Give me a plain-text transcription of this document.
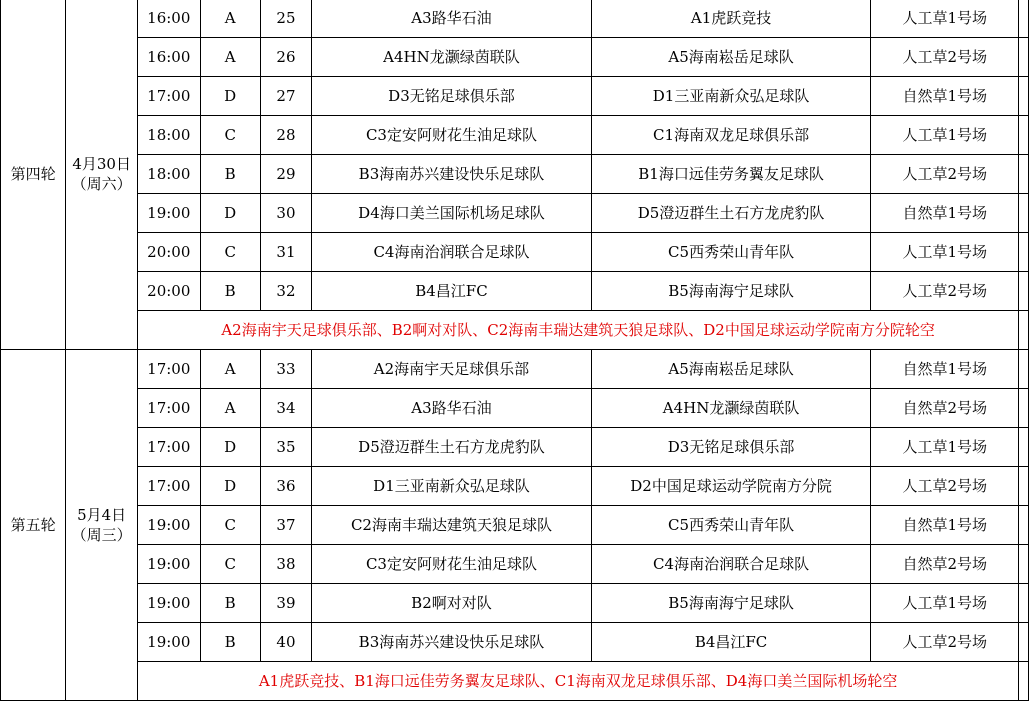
第四轮	4月30日
（周六）	16:00	A	25	A3路华石油	A1虎跃竞技	人工草1号场	
		16:00	A	26	A4HN龙灏绿茵联队	A5海南崧岳足球队	人工草2号场	
		17:00	D	27	D3无铭足球俱乐部	D1三亚南新众弘足球队	自然草1号场	
		18:00	C	28	C3定安阿财花生油足球队	C1海南双龙足球俱乐部	人工草1号场	
		18:00	B	29	B3海南苏兴建设快乐足球队	B1海口远佳劳务翼友足球队	人工草2号场	
		19:00	D	30	D4海口美兰国际机场足球队	D5澄迈群生土石方龙虎豹队	自然草1号场	
		20:00	C	31	C4海南治润联合足球队	C5西秀荣山青年队	人工草1号场	
		20:00	B	32	B4昌江FC	B5海南海宁足球队	人工草2号场	
		A2海南宇天足球俱乐部、B2啊对对队、C2海南丰瑞达建筑天狼足球队、D2中国足球运动学院南方分院轮空						
第五轮	5月4日
（周三）	17:00	A	33	A2海南宇天足球俱乐部	A5海南崧岳足球队	自然草1号场	
		17:00	A	34	A3路华石油	A4HN龙灏绿茵联队	自然草2号场	
		17:00	D	35	D5澄迈群生土石方龙虎豹队	D3无铭足球俱乐部	人工草1号场	
		17:00	D	36	D1三亚南新众弘足球队	D2中国足球运动学院南方分院	人工草2号场	
		19:00	C	37	C2海南丰瑞达建筑天狼足球队	C5西秀荣山青年队	自然草1号场	
		19:00	C	38	C3定安阿财花生油足球队	C4海南治润联合足球队	自然草2号场	
		19:00	B	39	B2啊对对队	B5海南海宁足球队	人工草1号场	
		19:00	B	40	B3海南苏兴建设快乐足球队	B4昌江FC	人工草2号场	
		A1虎跃竞技、B1海口远佳劳务翼友足球队、C1海南双龙足球俱乐部、D4海口美兰国际机场轮空						
